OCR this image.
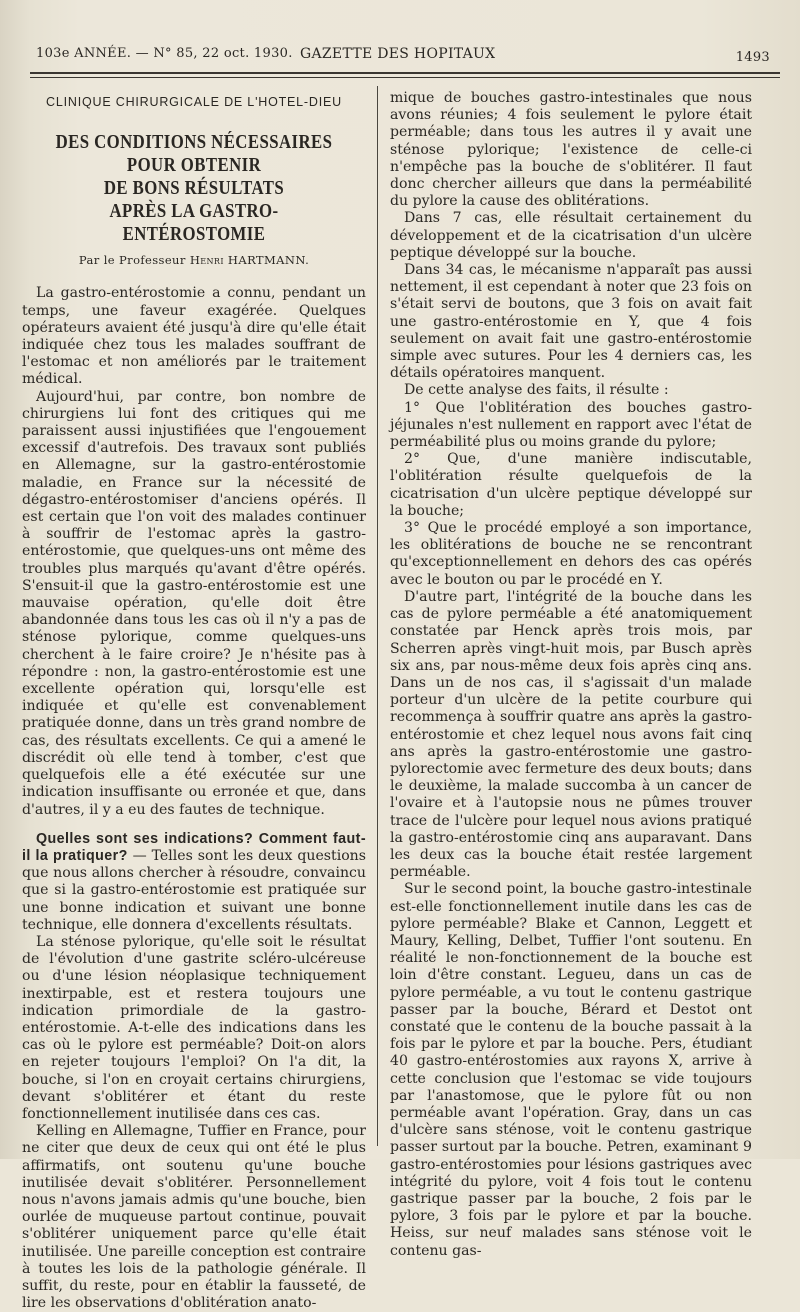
103e ANNÉE. — N° 85, 22 oct. 1930. GAZETTE DES HOPITAUX	1493
CLINIQUE CHIRURGICALE DE L'HOTEL-DIEU
DES CONDITIONS NÉCESSAIRES POUR OBTENIR
DE BONS RÉSULTATS
APRÈS LA GASTRO-ENTÉROSTOMIE
Par le Professeur Henri HARTMANN.

La gastro-entérostomie a connu, pendant un temps, une faveur exagérée. Quelques opérateurs avaient été jusqu'à dire qu'elle était indiquée chez tous les malades souffrant de l'estomac et non améliorés par le traitement médical.

Aujourd'hui, par contre, bon nombre de chirurgiens lui font des critiques qui me paraissent aussi injustifiées que l'engouement excessif d'autrefois. Des travaux sont publiés en Allemagne, sur la gastro-entérostomie maladie, en France sur la nécessité de dégastro-entérostomiser d'anciens opérés. Il est certain que l'on voit des malades continuer à souffrir de l'estomac après la gastro-entérostomie, que quelques-uns ont même des troubles plus marqués qu'avant d'être opérés. S'ensuit-il que la gastro-entérostomie est une mauvaise opération, qu'elle doit être abandonnée dans tous les cas où il n'y a pas de sténose pylorique, comme quelques-uns cherchent à le faire croire? Je n'hésite pas à répondre : non, la gastro-entérostomie est une excellente opération qui, lorsqu'elle est indiquée et qu'elle est convenablement pratiquée donne, dans un très grand nombre de cas, des résultats excellents. Ce qui a amené le discrédit où elle tend à tomber, c'est que quelquefois elle a été exécutée sur une indication insuffisante ou erronée et que, dans d'autres, il y a eu des fautes de technique.

Quelles sont ses indications? Comment faut-il la pratiquer? — Telles sont les deux questions que nous allons chercher à résoudre, convaincu que si la gastro-entérostomie est pratiquée sur une bonne indication et suivant une bonne technique, elle donnera d'excellents résultats.

La sténose pylorique, qu'elle soit le résultat de l'évolution d'une gastrite scléro-ulcéreuse ou d'une lésion néoplasique techniquement inextirpable, est et restera toujours une indication primordiale de la gastro-entérostomie. A-t-elle des indications dans les cas où le pylore est perméable? Doit-on alors en rejeter toujours l'emploi? On l'a dit, la bouche, si l'on en croyait certains chirurgiens, devant s'oblitérer et étant du reste fonctionnellement inutilisée dans ces cas.

Kelling en Allemagne, Tuffier en France, pour ne citer que deux de ceux qui ont été le plus affirmatifs, ont soutenu qu'une bouche inutilisée devait s'oblitérer. Personnellement nous n'avons jamais admis qu'une bouche, bien ourlée de muqueuse partout continue, pouvait s'oblitérer uniquement parce qu'elle était inutilisée. Une pareille conception est contraire à toutes les lois de la pathologie générale. Il suffit, du reste, pour en établir la fausseté, de lire les observations d'oblitération anato-

mique de bouches gastro-intestinales que nous avons réunies; 4 fois seulement le pylore était perméable; dans tous les autres il y avait une sténose pylorique; l'existence de celle-ci n'empêche pas la bouche de s'oblitérer. Il faut donc chercher ailleurs que dans la perméabilité du pylore la cause des oblitérations.

Dans 7 cas, elle résultait certainement du développement et de la cicatrisation d'un ulcère peptique développé sur la bouche.

Dans 34 cas, le mécanisme n'apparaît pas aussi nettement, il est cependant à noter que 23 fois on s'était servi de boutons, que 3 fois on avait fait une gastro-entérostomie en Y, que 4 fois seulement on avait fait une gastro-entérostomie simple avec sutures. Pour les 4 derniers cas, les détails opératoires manquent.

De cette analyse des faits, il résulte :

1° Que l'oblitération des bouches gastro-jéjunales n'est nullement en rapport avec l'état de perméabilité plus ou moins grande du pylore;

2° Que, d'une manière indiscutable, l'oblitération résulte quelquefois de la cicatrisation d'un ulcère peptique développé sur la bouche;

3° Que le procédé employé a son importance, les oblitérations de bouche ne se rencontrant qu'exceptionnellement en dehors des cas opérés avec le bouton ou par le procédé en Y.

D'autre part, l'intégrité de la bouche dans les cas de pylore perméable a été anatomiquement constatée par Henck après trois mois, par Scherren après vingt-huit mois, par Busch après six ans, par nous-même deux fois après cinq ans. Dans un de nos cas, il s'agissait d'un malade porteur d'un ulcère de la petite courbure qui recommença à souffrir quatre ans après la gastro-entérostomie et chez lequel nous avons fait cinq ans après la gastro-entérostomie une gastro-pylorectomie avec fermeture des deux bouts; dans le deuxième, la malade succomba à un cancer de l'ovaire et à l'autopsie nous ne pûmes trouver trace de l'ulcère pour lequel nous avions pratiqué la gastro-entérostomie cinq ans auparavant. Dans les deux cas la bouche était restée largement perméable.

Sur le second point, la bouche gastro-intestinale est-elle fonctionnellement inutile dans les cas de pylore perméable? Blake et Cannon, Leggett et Maury, Kelling, Delbet, Tuffier l'ont soutenu. En réalité le non-fonctionnement de la bouche est loin d'être constant. Legueu, dans un cas de pylore perméable, a vu tout le contenu gastrique passer par la bouche, Bérard et Destot ont constaté que le contenu de la bouche passait à la fois par le pylore et par la bouche. Pers, étudiant 40 gastro-entérostomies aux rayons X, arrive à cette conclusion que l'estomac se vide toujours par l'anastomose, que le pylore fût ou non perméable avant l'opération. Gray, dans un cas d'ulcère sans sténose, voit le contenu gastrique passer surtout par la bouche. Petren, examinant 9 gastro-entérostomies pour lésions gastriques avec intégrité du pylore, voit 4 fois tout le contenu gastrique passer par la bouche, 2 fois par le pylore, 3 fois par le pylore et par la bouche. Heiss, sur neuf malades sans sténose voit le contenu gas-
